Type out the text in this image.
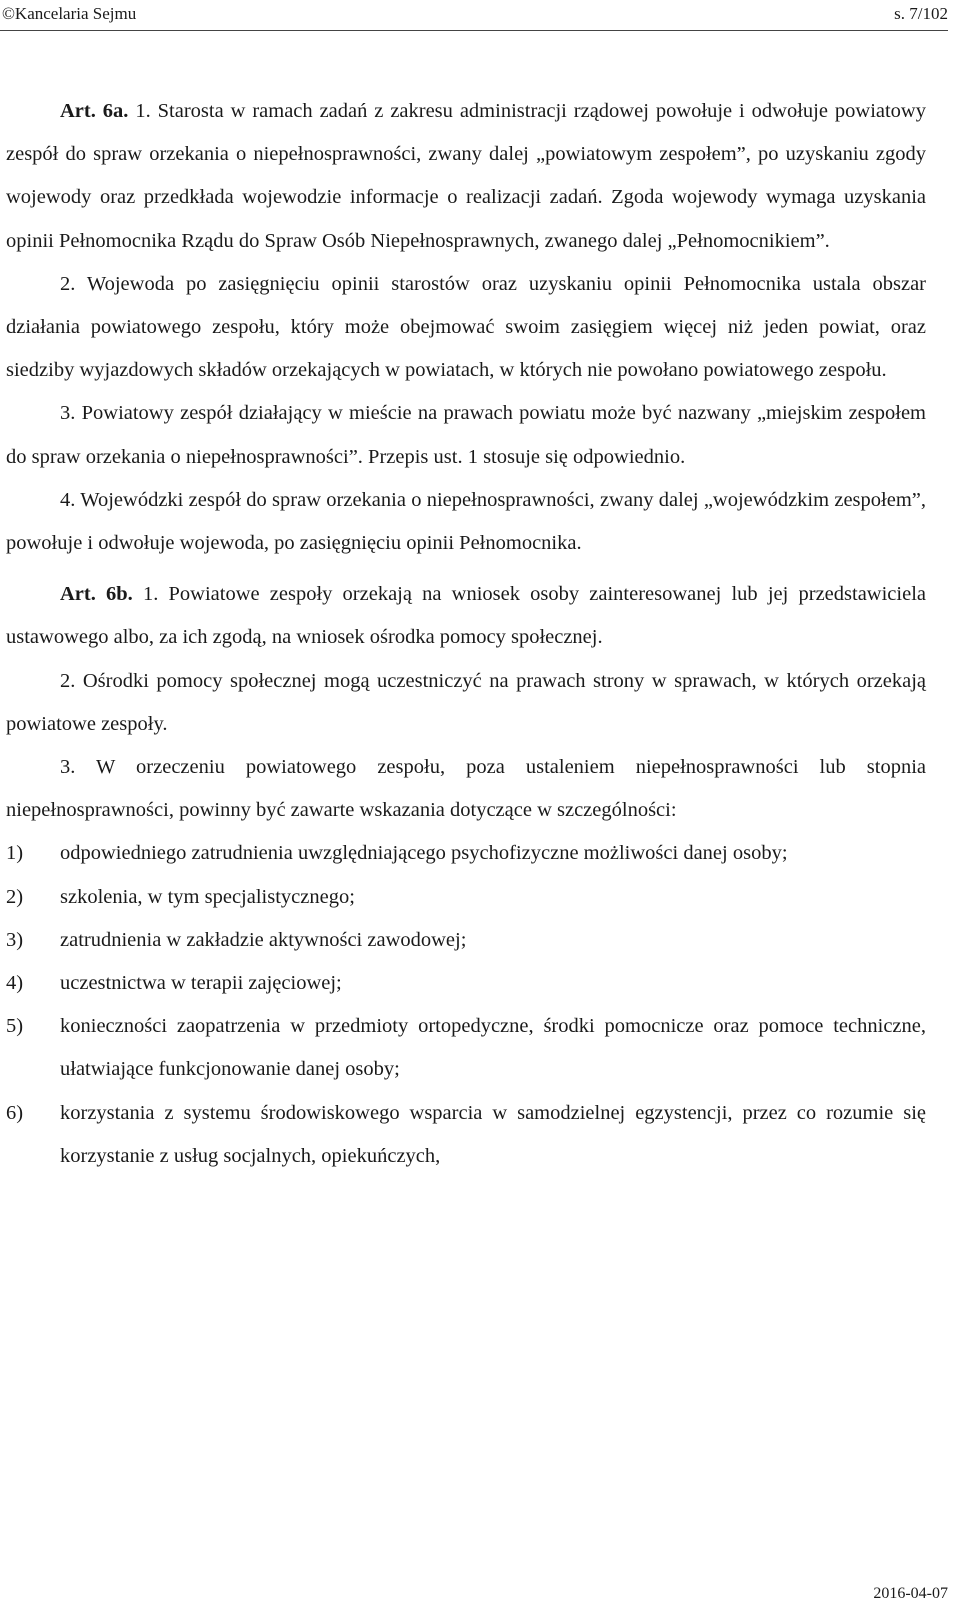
©Kancelaria Sejmu	s. 7/102

Art. 6a. 1. Starosta w ramach zadań z zakresu administracji rządowej powołuje i odwołuje powiatowy zespół do spraw orzekania o niepełnosprawności, zwany dalej „powiatowym zespołem”, po uzyskaniu zgody wojewody oraz przedkłada wojewodzie informacje o realizacji zadań. Zgoda wojewody wymaga uzyskania opinii Pełnomocnika Rządu do Spraw Osób Niepełnosprawnych, zwanego dalej „Pełnomocnikiem”.

2. Wojewoda po zasięgnięciu opinii starostów oraz uzyskaniu opinii Pełnomocnika ustala obszar działania powiatowego zespołu, który może obejmować swoim zasięgiem więcej niż jeden powiat, oraz siedziby wyjazdowych składów orzekających w powiatach, w których nie powołano powiatowego zespołu.

3. Powiatowy zespół działający w mieście na prawach powiatu może być nazwany „miejskim zespołem do spraw orzekania o niepełnosprawności”. Przepis ust. 1 stosuje się odpowiednio.

4. Wojewódzki zespół do spraw orzekania o niepełnosprawności, zwany dalej „wojewódzkim zespołem”, powołuje i odwołuje wojewoda, po zasięgnięciu opinii Pełnomocnika.

Art. 6b. 1. Powiatowe zespoły orzekają na wniosek osoby zainteresowanej lub jej przedstawiciela ustawowego albo, za ich zgodą, na wniosek ośrodka pomocy społecznej.

2. Ośrodki pomocy społecznej mogą uczestniczyć na prawach strony w sprawach, w których orzekają powiatowe zespoły.

3. W orzeczeniu powiatowego zespołu, poza ustaleniem niepełnosprawności lub stopnia niepełnosprawności, powinny być zawarte wskazania dotyczące w szczególności:

1)	odpowiedniego zatrudnienia uwzględniającego psychofizyczne możliwości danej osoby;
2)	szkolenia, w tym specjalistycznego;
3)	zatrudnienia w zakładzie aktywności zawodowej;
4)	uczestnictwa w terapii zajęciowej;
5)	konieczności zaopatrzenia w przedmioty ortopedyczne, środki pomocnicze oraz pomoce techniczne, ułatwiające funkcjonowanie danej osoby;
6)	korzystania z systemu środowiskowego wsparcia w samodzielnej egzystencji, przez co rozumie się korzystanie z usług socjalnych, opiekuńczych,
2016-04-07
